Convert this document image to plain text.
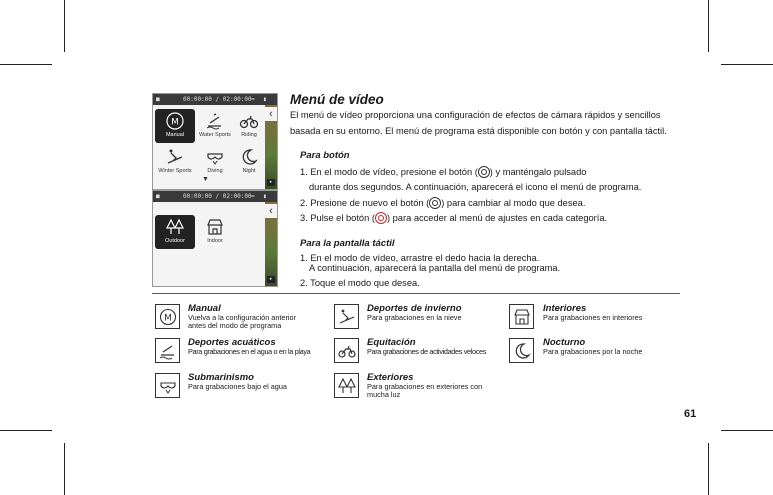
■	00:00:00 / 02:00:00 ≈ ▮
‹
▸
M
Manual	Water Sports	Riding
Winter Sports	Diving	Night
▼
■	00:00:00 / 02:00:00 ≈ ▮
‹
▸
Outdoor	Indoor
Menú de vídeo
El menú de vídeo proporciona una configuración de efectos de cámara rápidos y sencillos
basada en su entorno. El menú de programa está disponible con botón y con pantalla táctil.
Para botón
1. En el modo de vídeo, presione el botón ( ) y manténgalo pulsado
durante dos segundos. A continuación, aparecerá el icono el menú de programa.
2. Presione de nuevo el botón ( ) para cambiar al modo que desea.
3. Pulse el botón ( ) para acceder al menú de ajustes en cada categoría.
Para la pantalla táctil
1. En el modo de vídeo, arrastre el dedo hacia la derecha.
A continuación, aparecerá la pantalla del menú de programa.
2. Toque el modo que desea.
M
Manual
Vuelva a la configuración anterior
antes del modo de programa
Deportes de invierno
Para grabaciones en la nieve
Interiores
Para grabaciones en interiores
Deportes acuáticos
Para grabaciones en el agua o en la playa
Equitación
Para grabaciones de actividades veloces
Nocturno
Para grabaciones por la noche
Submarinismo
Para grabaciones bajo el agua
Exteriores
Para grabaciones en exteriores con
mucha luz
61
